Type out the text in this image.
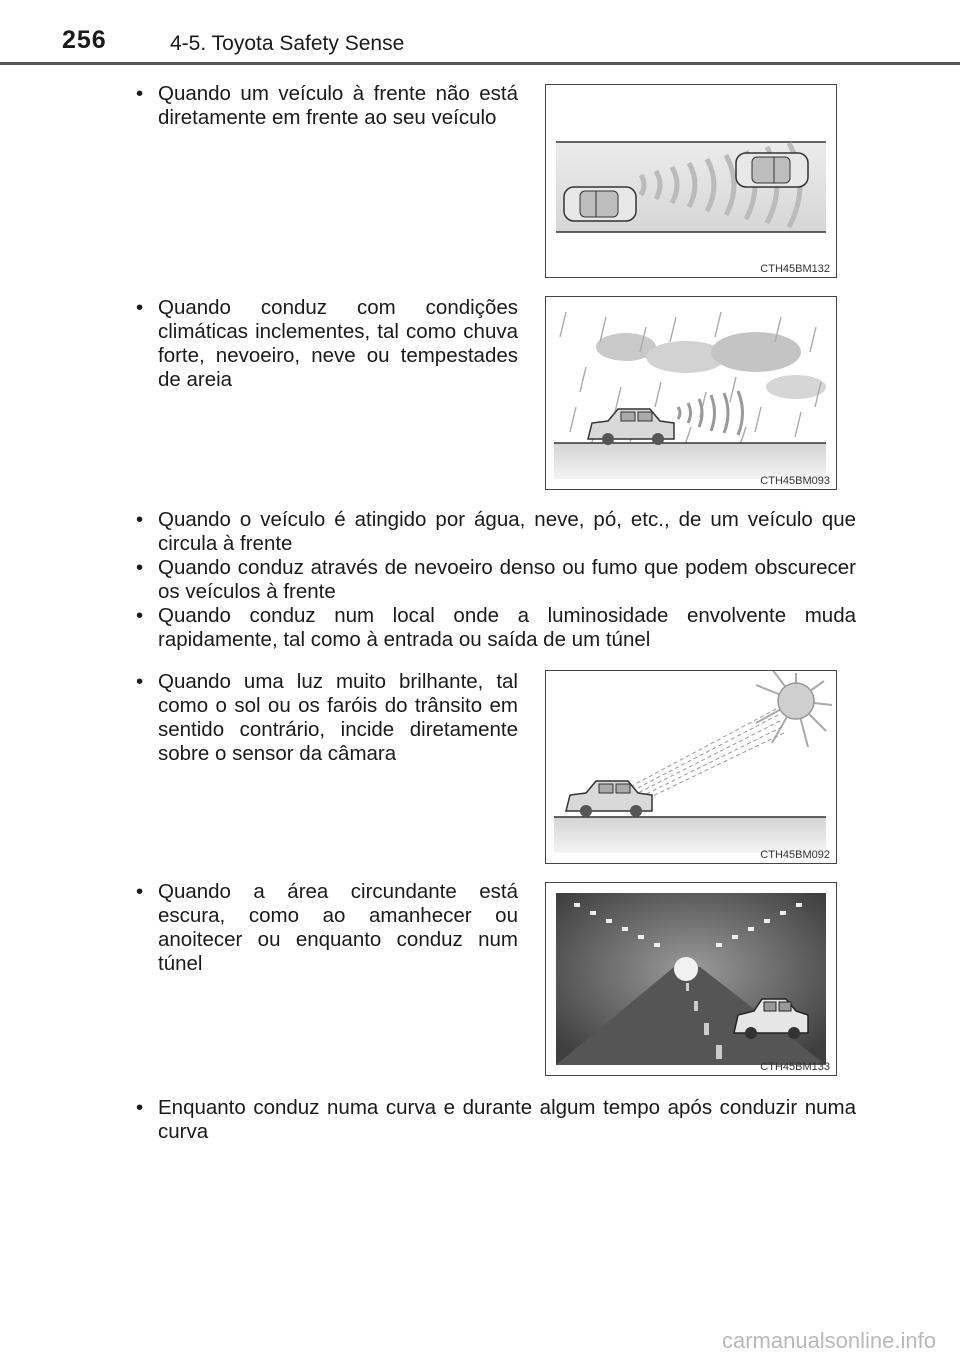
256	4-5. Toyota Safety Sense
• Quando um veículo à frente não está diretamente em frente ao seu veículo
CTH45BM132
• Quando conduz com condições climáticas inclementes, tal como chuva forte, nevoeiro, neve ou tempestades de areia
CTH45BM093
• Quando o veículo é atingido por água, neve, pó, etc., de um veículo que circula à frente
• Quando conduz através de nevoeiro denso ou fumo que podem obscurecer os veículos à frente
• Quando conduz num local onde a luminosidade envolvente muda rapidamente, tal como à entrada ou saída de um túnel
• Quando uma luz muito brilhante, tal como o sol ou os faróis do trânsito em sentido contrário, incide diretamente sobre o sensor da câmara
CTH45BM092
• Quando a área circundante está escura, como ao amanhecer ou anoitecer ou enquanto conduz num túnel
CTH45BM133
• Enquanto conduz numa curva e durante algum tempo após conduzir numa curva
carmanualsonline.info
